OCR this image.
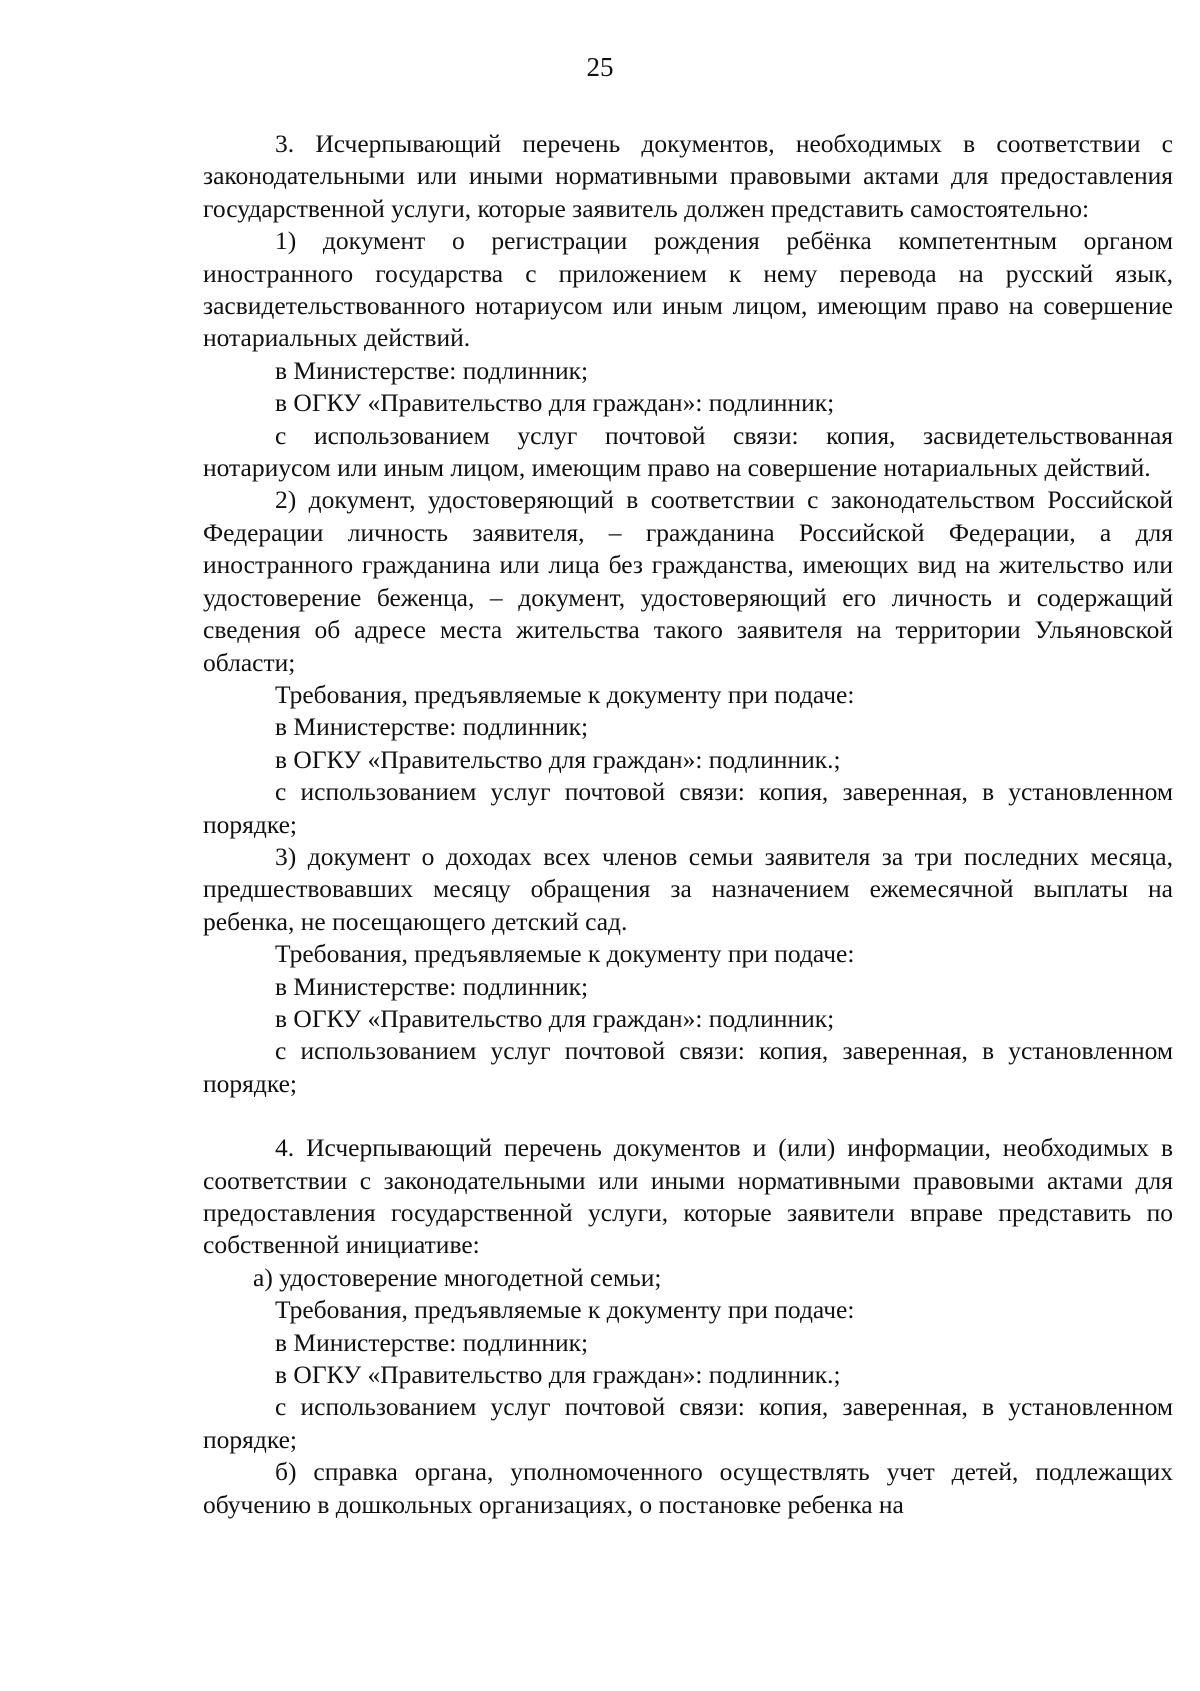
25

3. Исчерпывающий перечень документов, необходимых в соответствии с законодательными или иными нормативными правовыми актами для предоставления государственной услуги, которые заявитель должен представить самостоятельно:

1) документ о регистрации рождения ребёнка компетентным органом иностранного государства с приложением к нему перевода на русский язык, засвидетельствованного нотариусом или иным лицом, имеющим право на совершение нотариальных действий.

в Министерстве: подлинник;

в ОГКУ «Правительство для граждан»: подлинник;

с использованием услуг почтовой связи: копия, засвидетельствованная нотариусом или иным лицом, имеющим право на совершение нотариальных действий.

2) документ, удостоверяющий в соответствии с законодательством Российской Федерации личность заявителя, – гражданина Российской Федерации, а для иностранного гражданина или лица без гражданства, имеющих вид на жительство или удостоверение беженца, – документ, удостоверяющий его личность и содержащий сведения об адресе места жительства такого заявителя на территории Ульяновской области;

Требования, предъявляемые к документу при подаче:

в Министерстве: подлинник;

в ОГКУ «Правительство для граждан»: подлинник.;

с использованием услуг почтовой связи: копия, заверенная, в установленном порядке;

3) документ о доходах всех членов семьи заявителя за три последних месяца, предшествовавших месяцу обращения за назначением ежемесячной выплаты на ребенка, не посещающего детский сад.

Требования, предъявляемые к документу при подаче:

в Министерстве: подлинник;

в ОГКУ «Правительство для граждан»: подлинник;

с использованием услуг почтовой связи: копия, заверенная, в установленном порядке;

4. Исчерпывающий перечень документов и (или) информации, необходимых в соответствии с законодательными или иными нормативными правовыми актами для предоставления государственной услуги, которые заявители вправе представить по собственной инициативе:

а) удостоверение многодетной семьи;

Требования, предъявляемые к документу при подаче:

в Министерстве: подлинник;

в ОГКУ «Правительство для граждан»: подлинник.;

с использованием услуг почтовой связи: копия, заверенная, в установленном порядке;

б) справка органа, уполномоченного осуществлять учет детей, подлежащих обучению в дошкольных организациях, о постановке ребенка на
